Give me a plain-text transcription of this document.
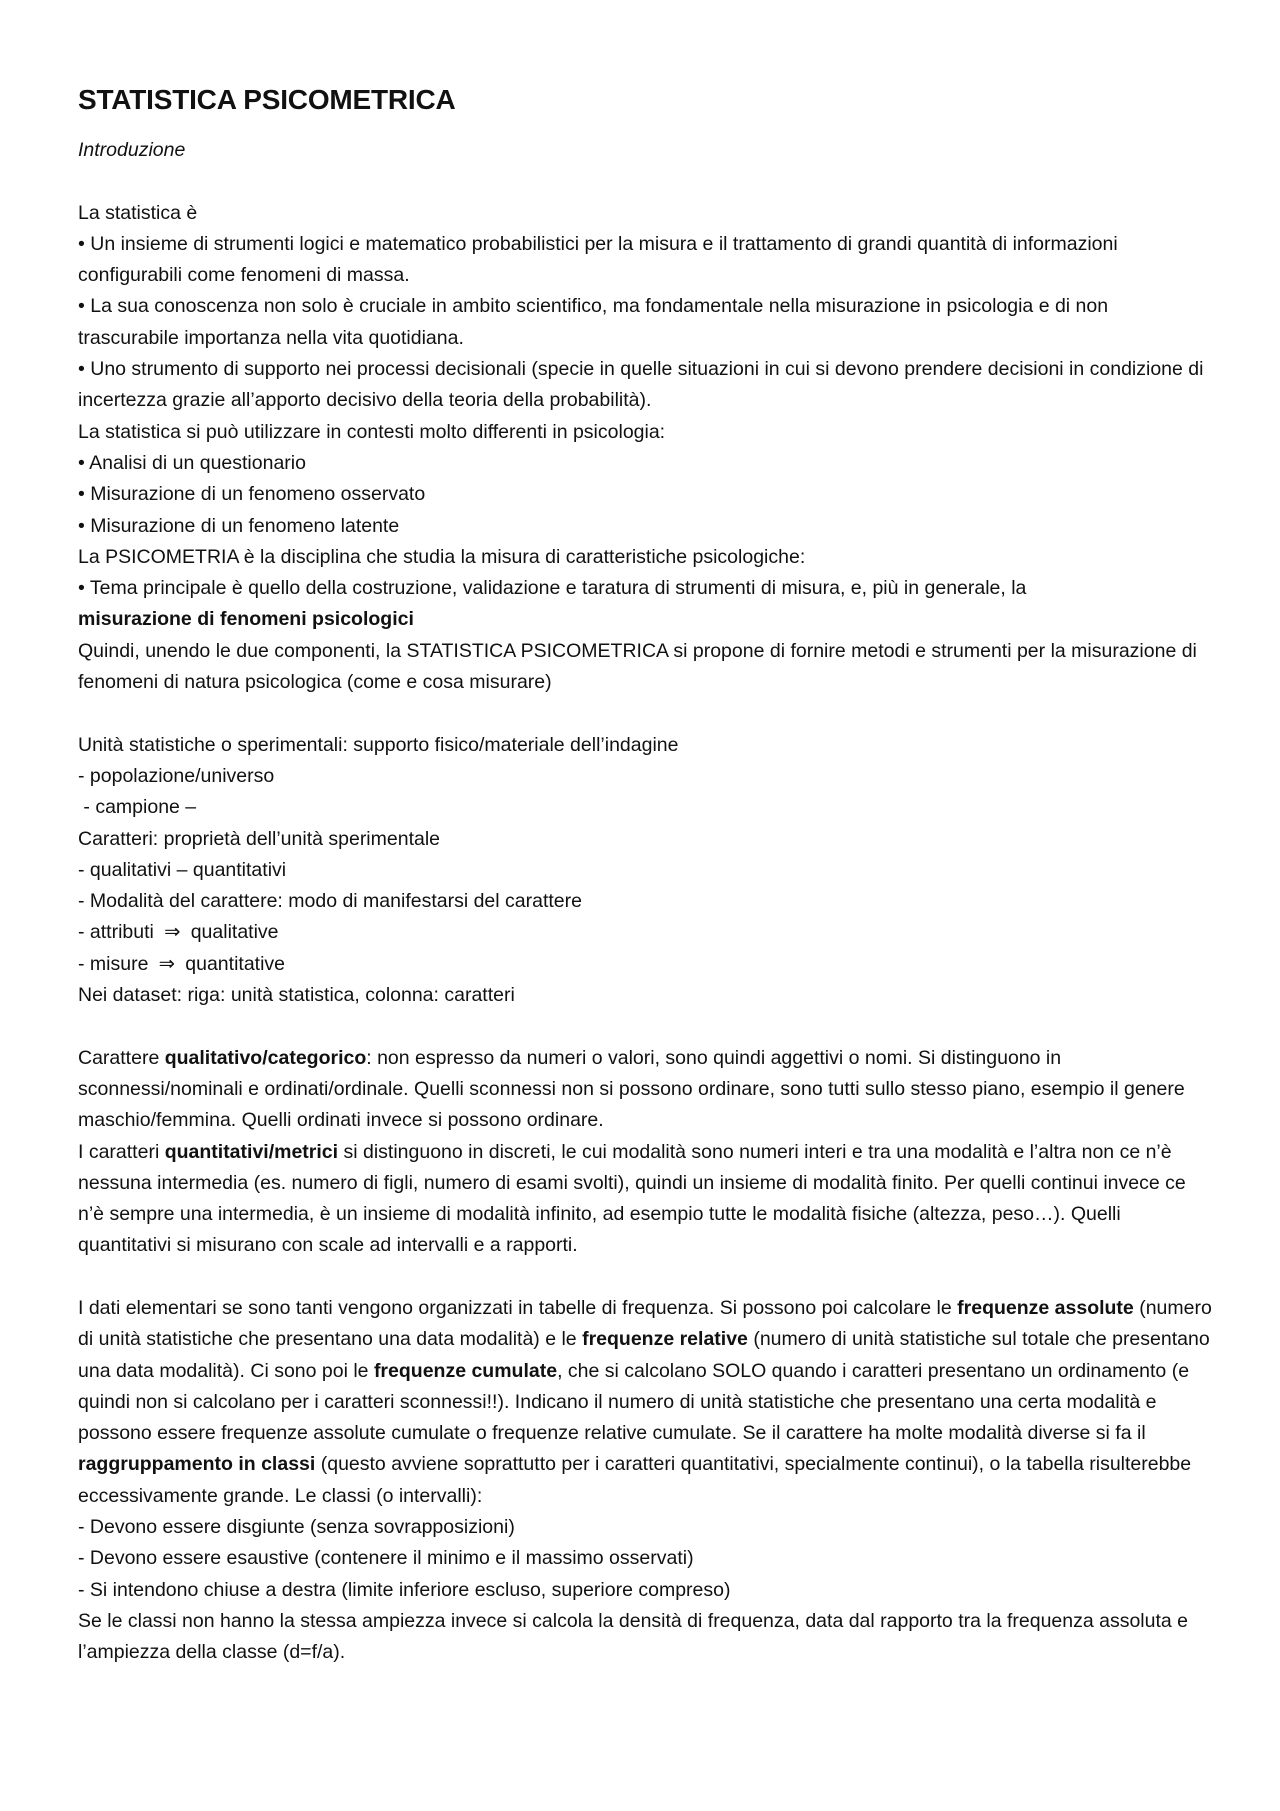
STATISTICA PSICOMETRICA

Introduzione

La statistica è

• Un insieme di strumenti logici e matematico probabilistici per la misura e il trattamento di grandi quantità di informazioni configurabili come fenomeni di massa.

• La sua conoscenza non solo è cruciale in ambito scientifico, ma fondamentale nella misurazione in psicologia e di non trascurabile importanza nella vita quotidiana.

• Uno strumento di supporto nei processi decisionali (specie in quelle situazioni in cui si devono prendere decisioni in condizione di incertezza grazie all’apporto decisivo della teoria della probabilità).

La statistica si può utilizzare in contesti molto differenti in psicologia:

• Analisi di un questionario

• Misurazione di un fenomeno osservato

• Misurazione di un fenomeno latente

La PSICOMETRIA è la disciplina che studia la misura di caratteristiche psicologiche:

• Tema principale è quello della costruzione, validazione e taratura di strumenti di misura, e, più in generale, la
misurazione di fenomeni psicologici

Quindi, unendo le due componenti, la STATISTICA PSICOMETRICA si propone di fornire metodi e strumenti per la misurazione di fenomeni di natura psicologica (come e cosa misurare)

Unità statistiche o sperimentali: supporto fisico/materiale dell’indagine

- popolazione/universo

- campione –

Caratteri: proprietà dell’unità sperimentale

- qualitativi – quantitativi

- Modalità del carattere: modo di manifestarsi del carattere

- attributi ⇒ qualitative

- misure ⇒ quantitative

Nei dataset: riga: unità statistica, colonna: caratteri

Carattere qualitativo/categorico: non espresso da numeri o valori, sono quindi aggettivi o nomi. Si distinguono in sconnessi/nominali e ordinati/ordinale. Quelli sconnessi non si possono ordinare, sono tutti sullo stesso piano, esempio il genere maschio/femmina. Quelli ordinati invece si possono ordinare.

I caratteri quantitativi/metrici si distinguono in discreti, le cui modalità sono numeri interi e tra una modalità e l’altra non ce n’è nessuna intermedia (es. numero di figli, numero di esami svolti), quindi un insieme di modalità finito. Per quelli continui invece ce n’è sempre una intermedia, è un insieme di modalità infinito, ad esempio tutte le modalità fisiche (altezza, peso…). Quelli quantitativi si misurano con scale ad intervalli e a rapporti.

I dati elementari se sono tanti vengono organizzati in tabelle di frequenza. Si possono poi calcolare le frequenze assolute (numero di unità statistiche che presentano una data modalità) e le frequenze relative (numero di unità statistiche sul totale che presentano una data modalità). Ci sono poi le frequenze cumulate, che si calcolano SOLO quando i caratteri presentano un ordinamento (e quindi non si calcolano per i caratteri sconnessi!!). Indicano il numero di unità statistiche che presentano una certa modalità e possono essere frequenze assolute cumulate o frequenze relative cumulate. Se il carattere ha molte modalità diverse si fa il raggruppamento in classi (questo avviene soprattutto per i caratteri quantitativi, specialmente continui), o la tabella risulterebbe eccessivamente grande. Le classi (o intervalli):

- Devono essere disgiunte (senza sovrapposizioni)

- Devono essere esaustive (contenere il minimo e il massimo osservati)

- Si intendono chiuse a destra (limite inferiore escluso, superiore compreso)

Se le classi non hanno la stessa ampiezza invece si calcola la densità di frequenza, data dal rapporto tra la frequenza assoluta e l’ampiezza della classe (d=f/a).
